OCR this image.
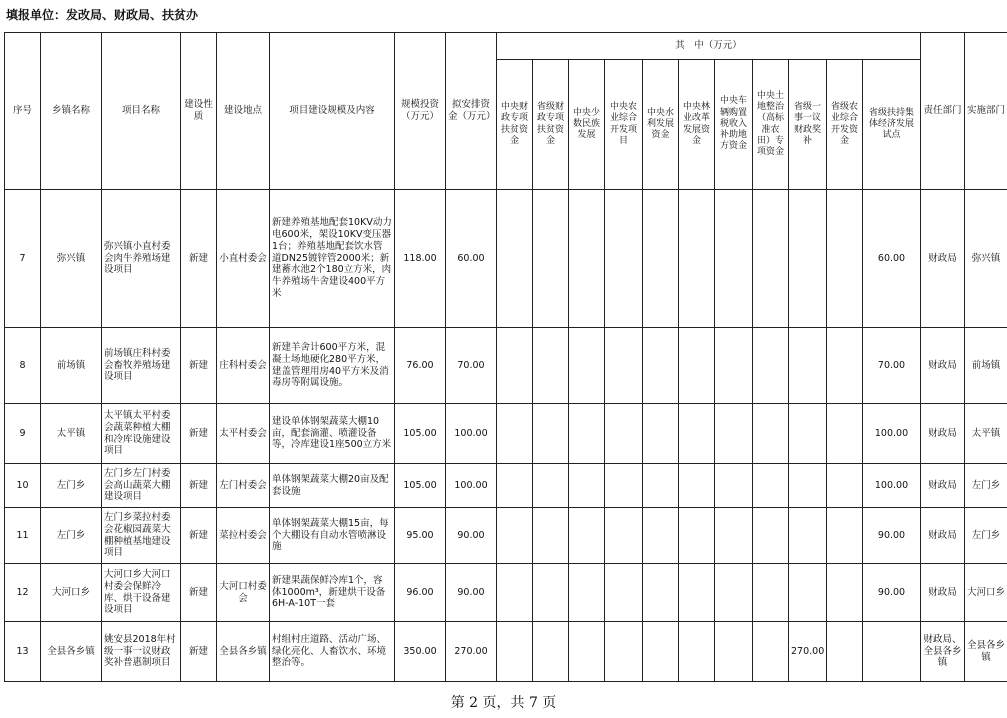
填报单位：发改局、财政局、扶贫办
序号	乡镇名称	项目名称	建设性质	建设地点	项目建设规模及内容	规模投资（万元）	拟安排资金（万元）	其　中（万元）											责任部门	实施部门
								中央财政专项扶贫资金	省级财政专项扶贫资金	中央少数民族发展	中央农业综合开发项目	中央水利发展资金	中央林业改革发展资金	中央车辆购置税收入补助地方资金	中央土地整治（高标准农田）专项资金	省级一事一议财政奖补	省级农业综合开发资金	省级扶持集体经济发展试点		
7	弥兴镇	弥兴镇小直村委会肉牛养殖场建设项目	新建	小直村委会	新建养殖基地配套10KV动力电600米，架设10KV变压器1台；养殖基地配套饮水管道DN25镀锌管2000米；新建蓄水池2个180立方米，肉牛养殖场牛舍建设400平方米	118.00	60.00											60.00	财政局	弥兴镇
8	前场镇	前场镇庄科村委会畜牧养殖场建设项目	新建	庄科村委会	新建羊舍计600平方米，混凝土场地硬化280平方米，建盖管理用房40平方米及消毒房等附属设施。	76.00	70.00											70.00	财政局	前场镇
9	太平镇	太平镇太平村委会蔬菜种植大棚和冷库设施建设项目	新建	太平村委会	建设单体钢架蔬菜大棚10亩，配套滴灌、喷灌设备等，冷库建设1座500立方米	105.00	100.00											100.00	财政局	太平镇
10	左门乡	左门乡左门村委会高山蔬菜大棚建设项目	新建	左门村委会	单体钢架蔬菜大棚20亩及配套设施	105.00	100.00											100.00	财政局	左门乡
11	左门乡	左门乡菜拉村委会花椒园蔬菜大棚种植基地建设项目	新建	菜拉村委会	单体钢架蔬菜大棚15亩，每个大棚设有自动水管喷淋设施	95.00	90.00											90.00	财政局	左门乡
12	大河口乡	大河口乡大河口村委会保鲜冷库、烘干设备建设项目	新建	大河口村委会	新建果蔬保鲜冷库1个，容体1000m³，新建烘干设备6H-A-10T一套	96.00	90.00											90.00	财政局	大河口乡
13	全县各乡镇	姚安县2018年村级一事一议财政奖补普惠制项目	新建	全县各乡镇	村组村庄道路、活动广场、绿化亮化、人畜饮水、环境整治等。	350.00	270.00									270.00			财政局、全县各乡镇	全县各乡镇
第 2 页，共 7 页
